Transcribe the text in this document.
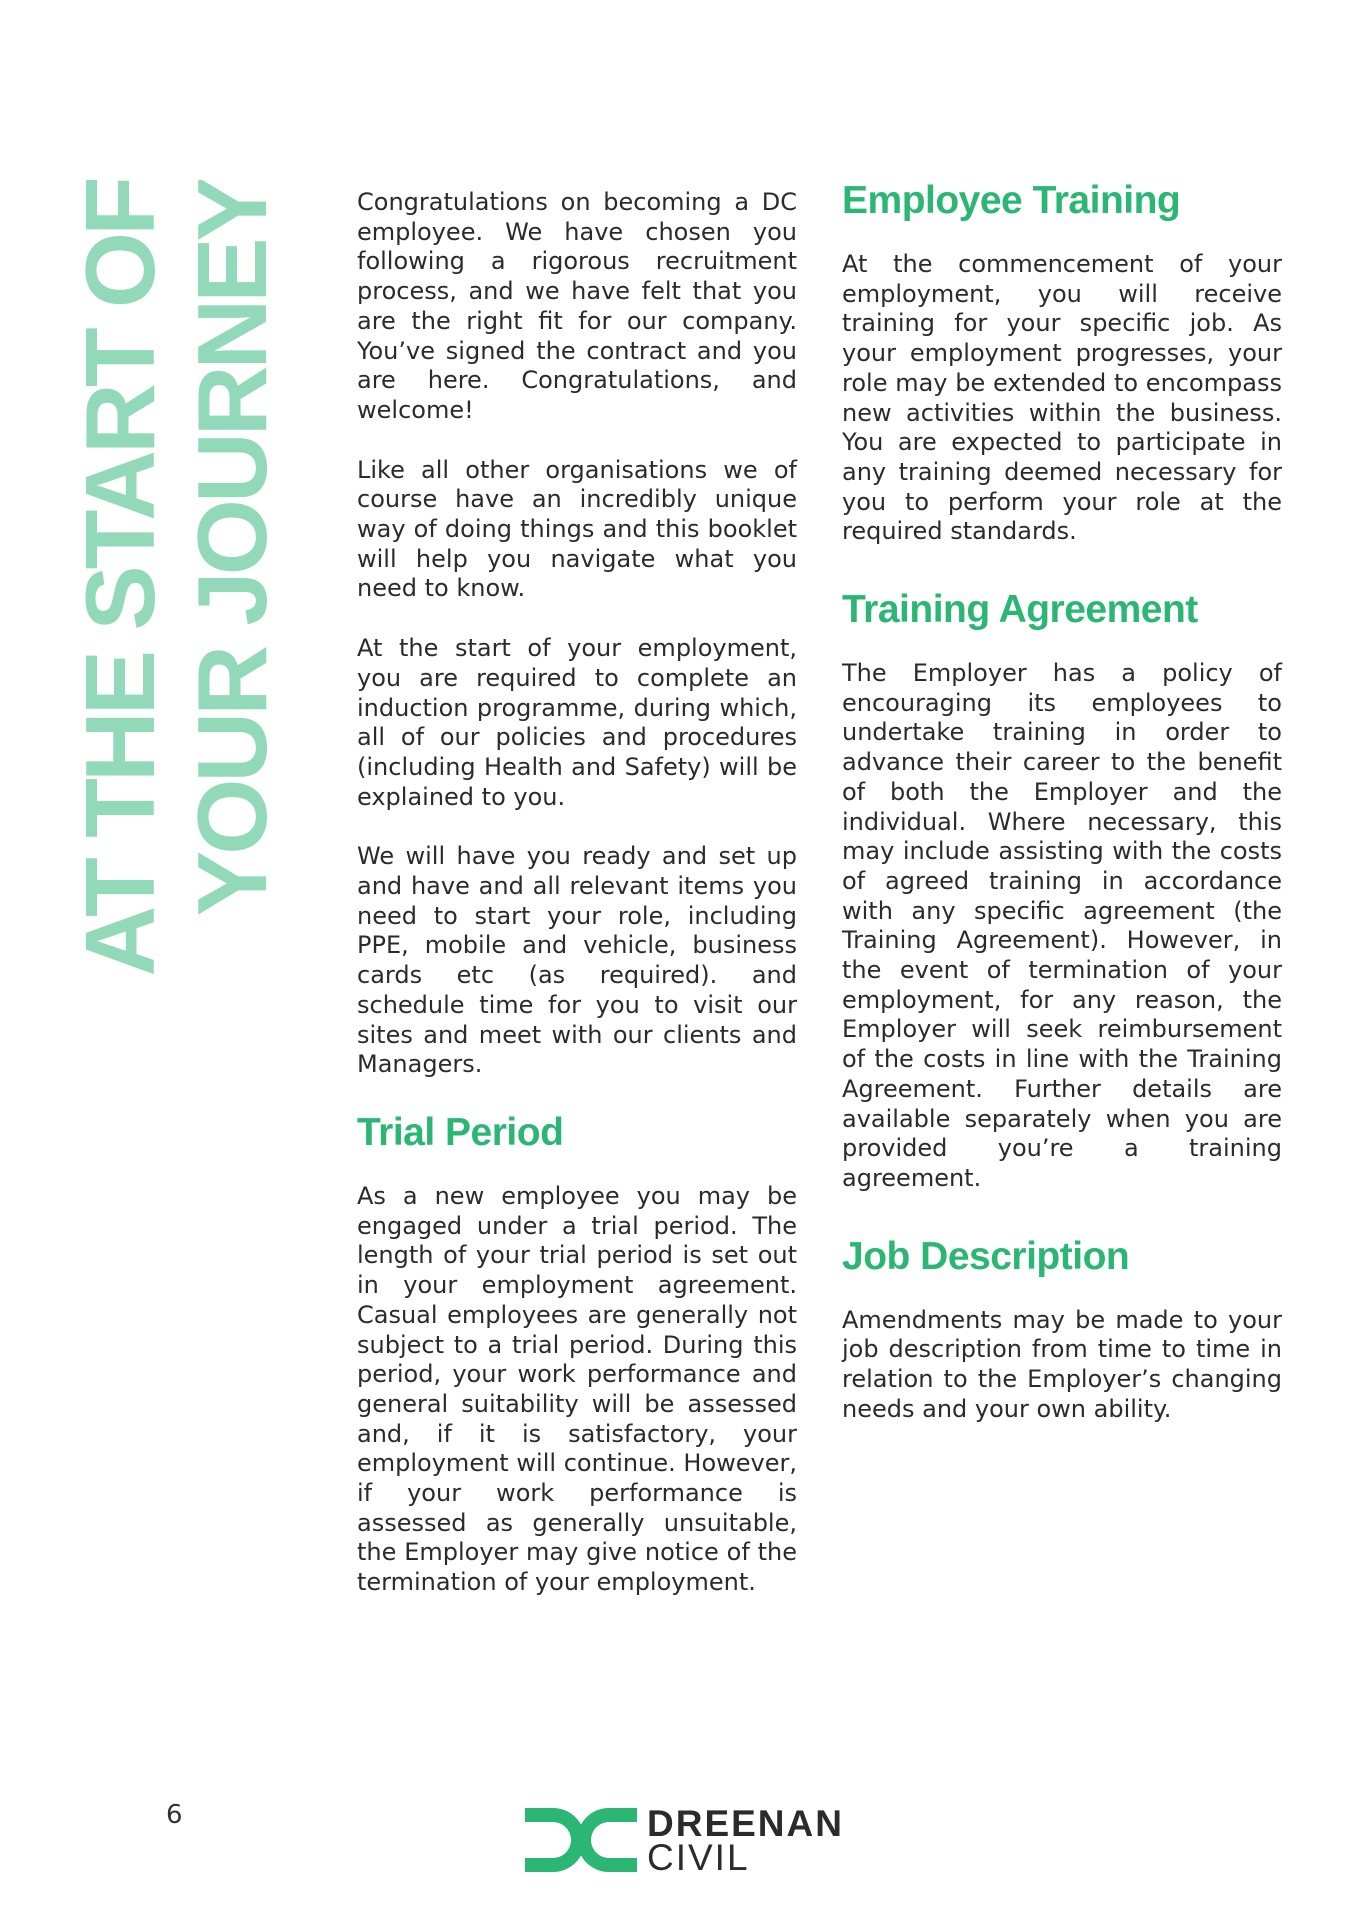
AT THE START OF YOUR JOURNEY	Congratulations on becoming a DC employee. We have chosen you following a rigorous recruitment process, and we have felt that you are the right fit for our company. You’ve signed the contract and you are here. Congratulations, and welcome!

Like all other organisations we of course have an incredibly unique way of doing things and this booklet will help you navigate what you need to know.

At the start of your employment, you are required to complete an induction programme, during which, all of our policies and procedures (including Health and Safety) will be explained to you.

We will have you ready and set up and have and all relevant items you need to start your role, including PPE, mobile and vehicle, business cards etc (as required). and schedule time for you to visit our sites and meet with our clients and Managers.

Trial Period

As a new employee you may be engaged under a trial period. The length of your trial period is set out in your employment agreement. Casual employees are generally not subject to a trial period. During this period, your work performance and general suitability will be assessed and, if it is satisfactory, your employment will continue. However, if your work performance is assessed as generally unsuitable, the Employer may give notice of the termination of your employment.

Employee Training

At the commencement of your employment, you will receive training for your specific job. As your employment progresses, your role may be extended to encompass new activities within the business. You are expected to participate in any training deemed necessary for you to perform your role at the required standards.

Training Agreement

The Employer has a policy of encouraging its employees to undertake training in order to advance their career to the benefit of both the Employer and the individual. Where necessary, this may include assisting with the costs of agreed training in accordance with any specific agreement (the Training Agreement). However, in the event of termination of your employment, for any reason, the Employer will seek reimbursement of the costs in line with the Training Agreement. Further details are available separately when you are provided you’re a training agreement.

Job Description

Amendments may be made to your job description from time to time in relation to the Employer’s changing needs and your own ability.

6	DREENAN
CIVIL
